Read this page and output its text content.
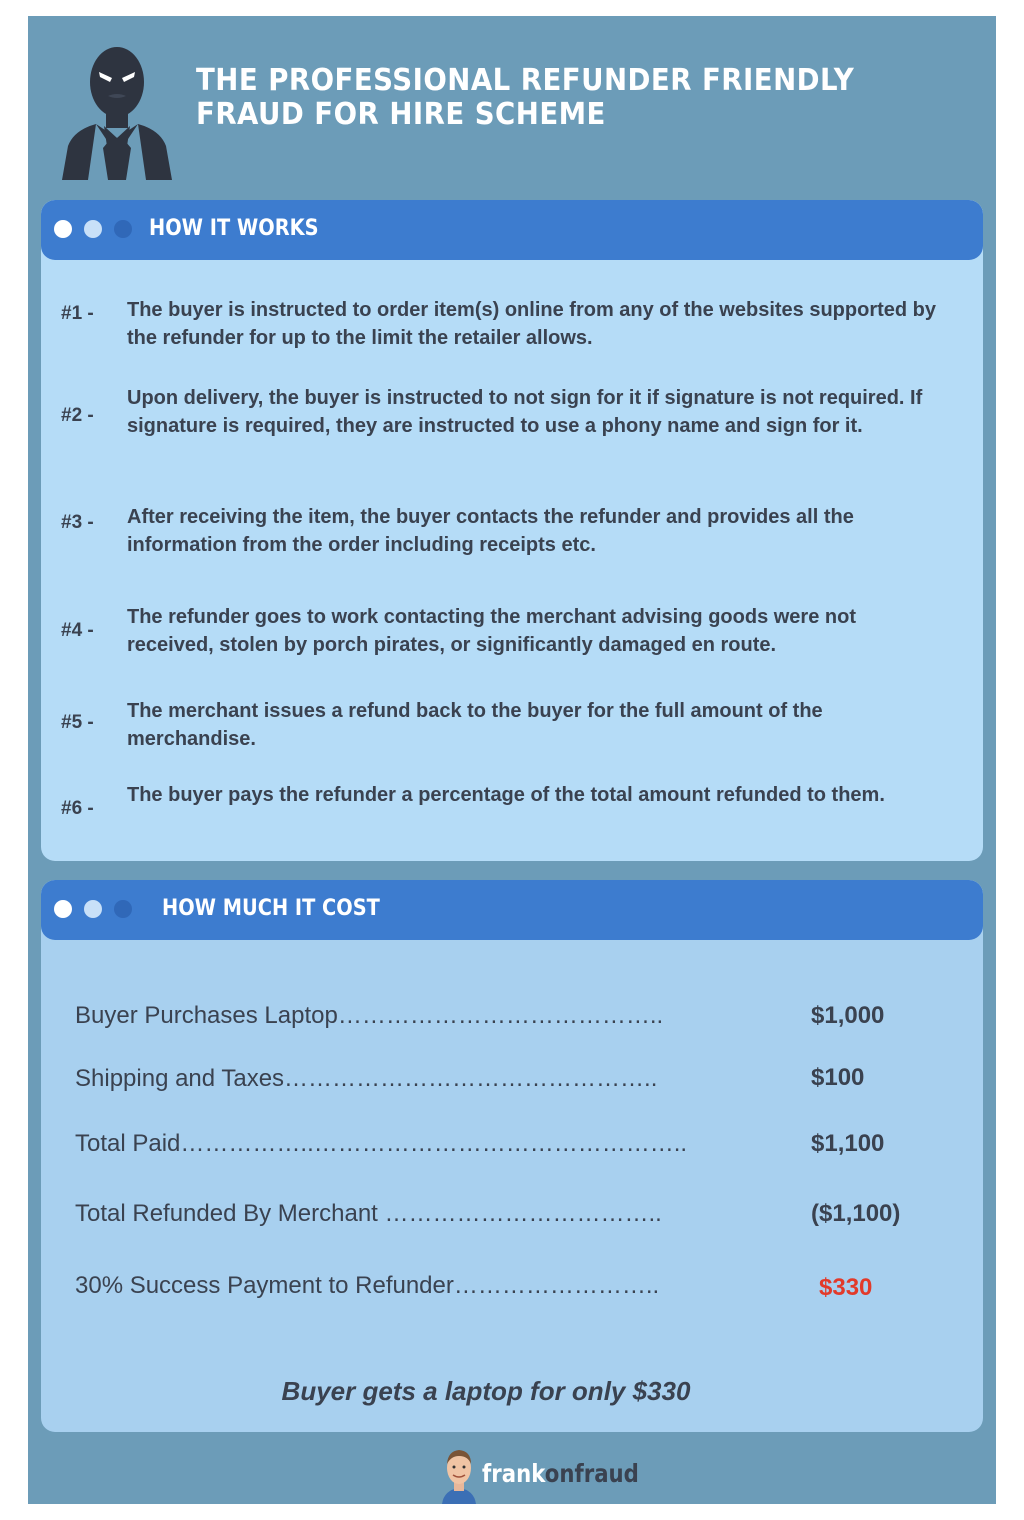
THE PROFESSIONAL REFUNDER FRIENDLY FRAUD FOR HIRE SCHEME
HOW IT WORKS
#1 - The buyer is instructed to order item(s) online from any of the websites supported by the refunder for up to the limit the retailer allows.
#2 -
Upon delivery, the buyer is instructed to not sign for it if signature is not required. If signature is required, they are instructed to use a phony name and sign for it.
#3 - After receiving the item, the buyer contacts the refunder and provides all the information from the order including receipts etc.
#4 -
The refunder goes to work contacting the merchant advising goods were not received, stolen by porch pirates, or significantly damaged en route.
#5 -
The merchant issues a refund back to the buyer for the full amount of the merchandise.
#6 -
The buyer pays the refunder a percentage of the total amount refunded to them.
HOW MUCH IT COST
Buyer Purchases Laptop…………………………………..	$1,000
Shipping and Taxes………………………………………..	$100
Total Paid……………..………………………………………..	$1,100
Total Refunded By Merchant ……………………………..	($1,100)
30% Success Payment to Refunder……………………..	$330
Buyer gets a laptop for only $330
frankonfraud
